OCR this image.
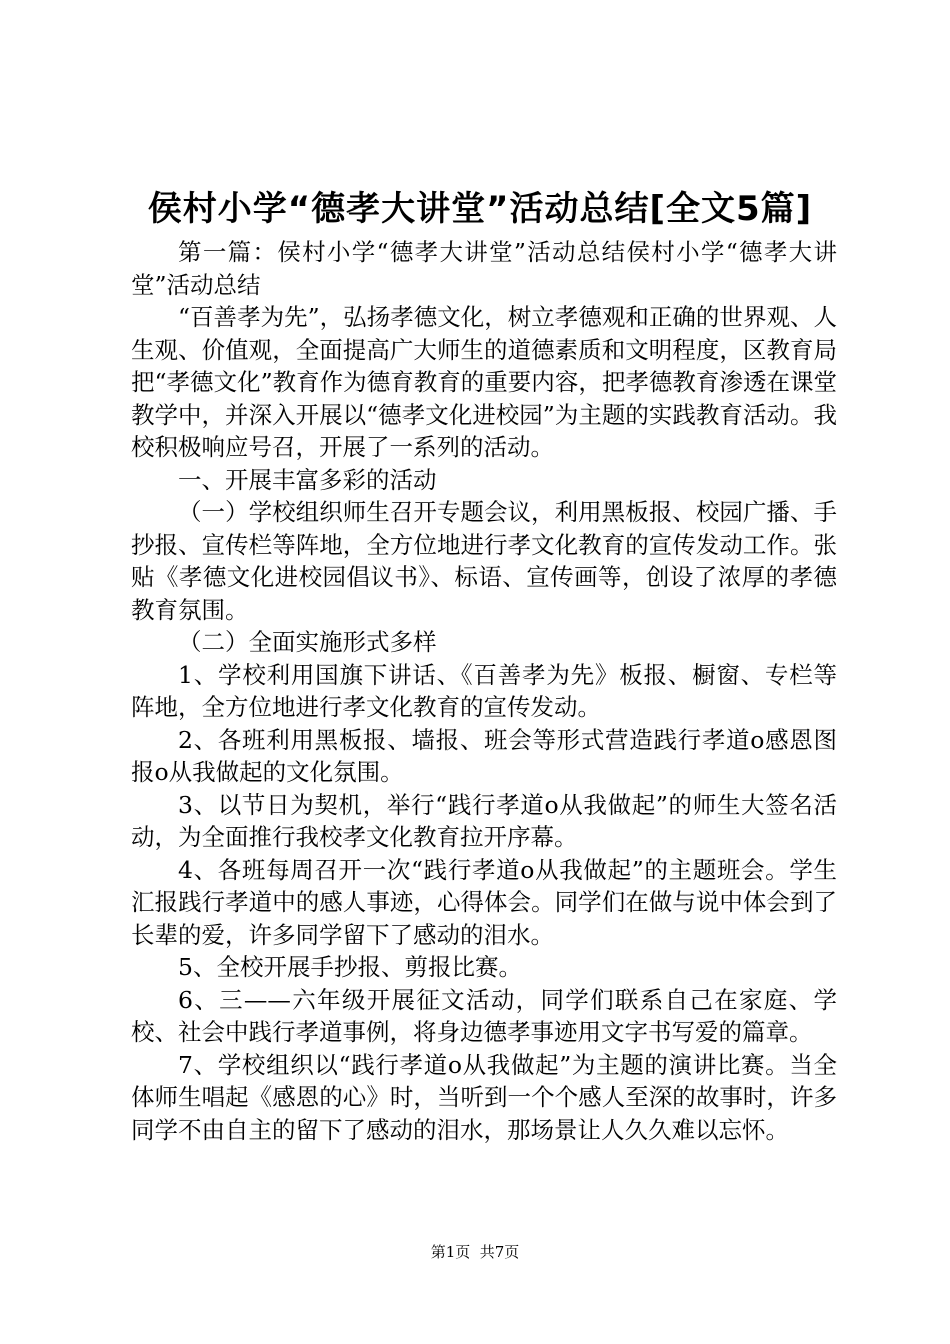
侯村小学“德孝大讲堂”活动总结[全文5篇]

第一篇：侯村小学“德孝大讲堂”活动总结侯村小学“德孝大讲堂”活动总结

“百善孝为先”，弘扬孝德文化，树立孝德观和正确的世界观、人生观、价值观，全面提高广大师生的道德素质和文明程度，区教育局把“孝德文化”教育作为德育教育的重要内容，把孝德教育渗透在课堂教学中，并深入开展以“德孝文化进校园”为主题的实践教育活动。我校积极响应号召，开展了一系列的活动。

一、开展丰富多彩的活动

（一）学校组织师生召开专题会议，利用黑板报、校园广播、手抄报、宣传栏等阵地，全方位地进行孝文化教育的宣传发动工作。张贴《孝德文化进校园倡议书》、标语、宣传画等，创设了浓厚的孝德教育氛围。

（二）全面实施形式多样

1、学校利用国旗下讲话、《百善孝为先》板报、橱窗、专栏等阵地，全方位地进行孝文化教育的宣传发动。

2、各班利用黑板报、墙报、班会等形式营造践行孝道ο感恩图报ο从我做起的文化氛围。

3、以节日为契机，举行“践行孝道ο从我做起”的师生大签名活动，为全面推行我校孝文化教育拉开序幕。

4、各班每周召开一次“践行孝道ο从我做起”的主题班会。学生汇报践行孝道中的感人事迹，心得体会。同学们在做与说中体会到了长辈的爱，许多同学留下了感动的泪水。

5、全校开展手抄报、剪报比赛。

6、三——六年级开展征文活动，同学们联系自己在家庭、学校、社会中践行孝道事例，将身边德孝事迹用文字书写爱的篇章。

7、学校组织以“践行孝道ο从我做起”为主题的演讲比赛。当全体师生唱起《感恩的心》时，当听到一个个感人至深的故事时，许多同学不由自主的留下了感动的泪水，那场景让人久久难以忘怀。

第1页  共7页
